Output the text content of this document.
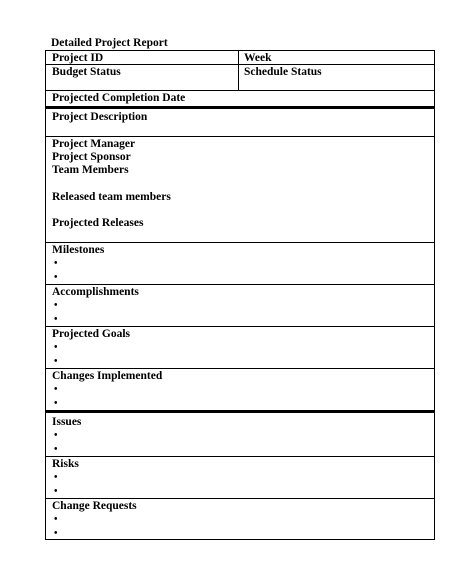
Detailed Project Report
Project ID	Week
Budget Status	Schedule Status
Projected Completion Date
Project Description
Project Manager
Project Sponsor
Team Members
Released team members
Projected Releases
Milestones
•
•
Accomplishments
•
•
Projected Goals
•
•
Changes Implemented
•
•
Issues
•
•
Risks
•
•
Change Requests
•
•
